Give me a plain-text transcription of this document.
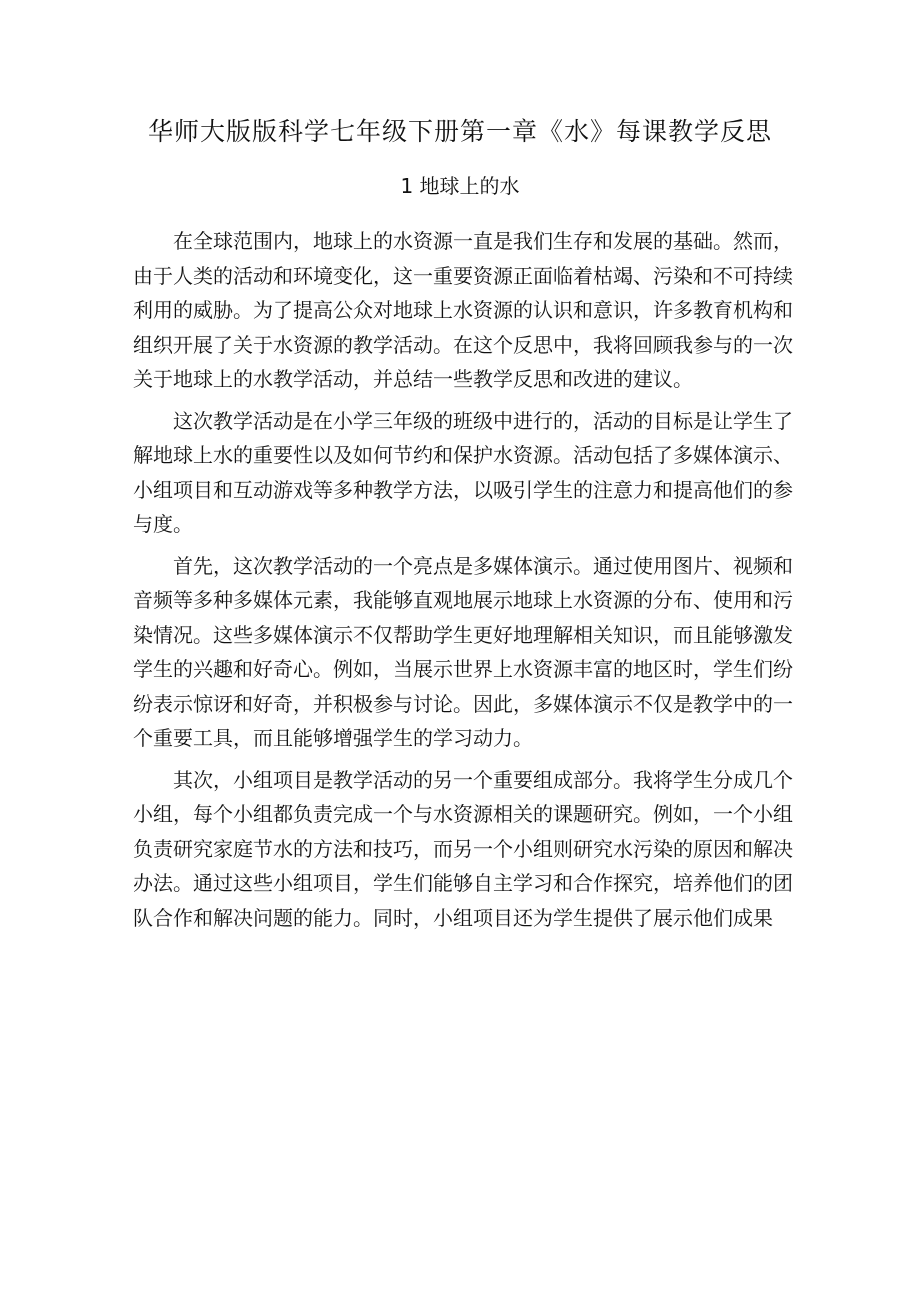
华师大版版科学七年级下册第一章《水》每课教学反思
1 地球上的水

在全球范围内，地球上的水资源一直是我们生存和发展的基础。然而，由于人类的活动和环境变化，这一重要资源正面临着枯竭、污染和不可持续利用的威胁。为了提高公众对地球上水资源的认识和意识，许多教育机构和组织开展了关于水资源的教学活动。在这个反思中，我将回顾我参与的一次关于地球上的水教学活动，并总结一些教学反思和改进的建议。

这次教学活动是在小学三年级的班级中进行的，活动的目标是让学生了解地球上水的重要性以及如何节约和保护水资源。活动包括了多媒体演示、小组项目和互动游戏等多种教学方法，以吸引学生的注意力和提高他们的参与度。

首先，这次教学活动的一个亮点是多媒体演示。通过使用图片、视频和音频等多种多媒体元素，我能够直观地展示地球上水资源的分布、使用和污染情况。这些多媒体演示不仅帮助学生更好地理解相关知识，而且能够激发学生的兴趣和好奇心。例如，当展示世界上水资源丰富的地区时，学生们纷纷表示惊讶和好奇，并积极参与讨论。因此，多媒体演示不仅是教学中的一个重要工具，而且能够增强学生的学习动力。

其次，小组项目是教学活动的另一个重要组成部分。我将学生分成几个小组，每个小组都负责完成一个与水资源相关的课题研究。例如，一个小组负责研究家庭节水的方法和技巧，而另一个小组则研究水污染的原因和解决办法。通过这些小组项目，学生们能够自主学习和合作探究，培养他们的团队合作和解决问题的能力。同时，小组项目还为学生提供了展示他们成果
